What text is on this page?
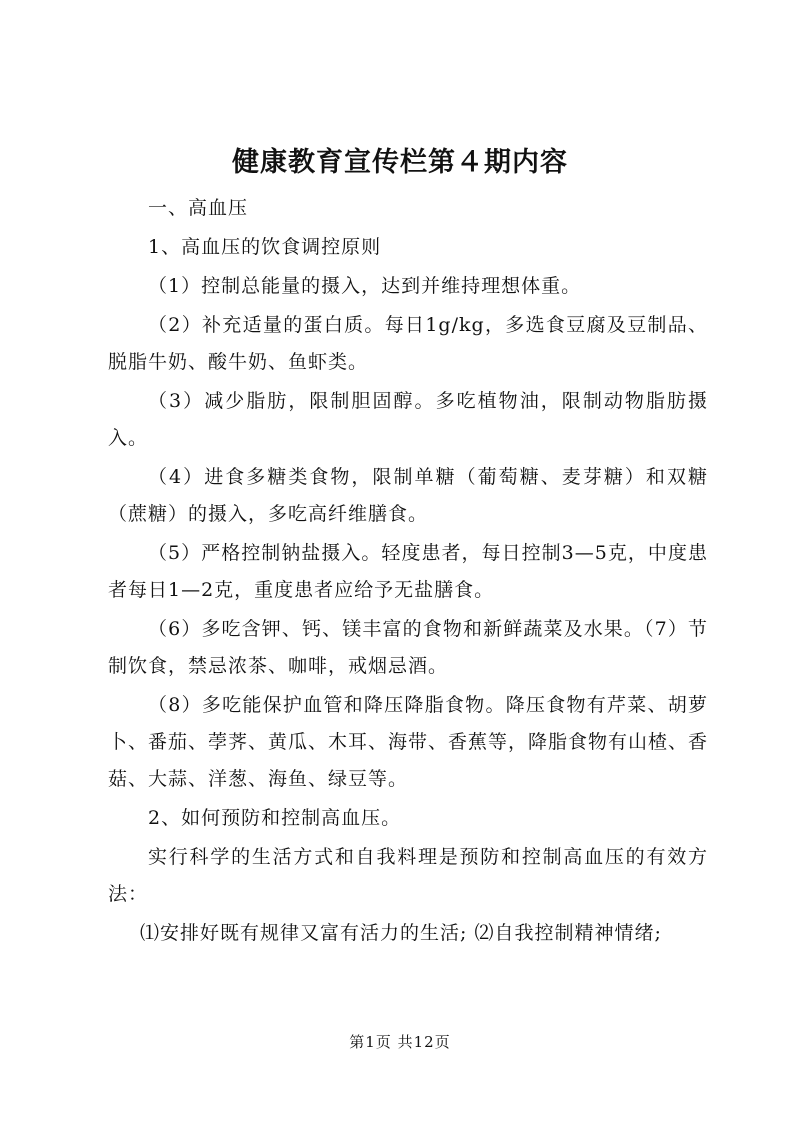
健康教育宣传栏第４期内容

一、高血压

1、高血压的饮食调控原则

（1）控制总能量的摄入，达到并维持理想体重。

（2）补充适量的蛋白质。每日1g/kg，多选食豆腐及豆制品、脱脂牛奶、酸牛奶、鱼虾类。

（3）减少脂肪，限制胆固醇。多吃植物油，限制动物脂肪摄入。

（4）进食多糖类食物，限制单糖（葡萄糖、麦芽糖）和双糖（蔗糖）的摄入，多吃高纤维膳食。

（5）严格控制钠盐摄入。轻度患者，每日控制3—5克，中度患者每日1—2克，重度患者应给予无盐膳食。

（6）多吃含钾、钙、镁丰富的食物和新鲜蔬菜及水果。（7）节制饮食，禁忌浓茶、咖啡，戒烟忌酒。

（8）多吃能保护血管和降压降脂食物。降压食物有芹菜、胡萝卜、番茄、荸荠、黄瓜、木耳、海带、香蕉等，降脂食物有山楂、香菇、大蒜、洋葱、海鱼、绿豆等。

2、如何预防和控制高血压。

实行科学的生活方式和自我料理是预防和控制高血压的有效方法：

⑴安排好既有规律又富有活力的生活; ⑵自我控制精神情绪;

第1页 共12页
